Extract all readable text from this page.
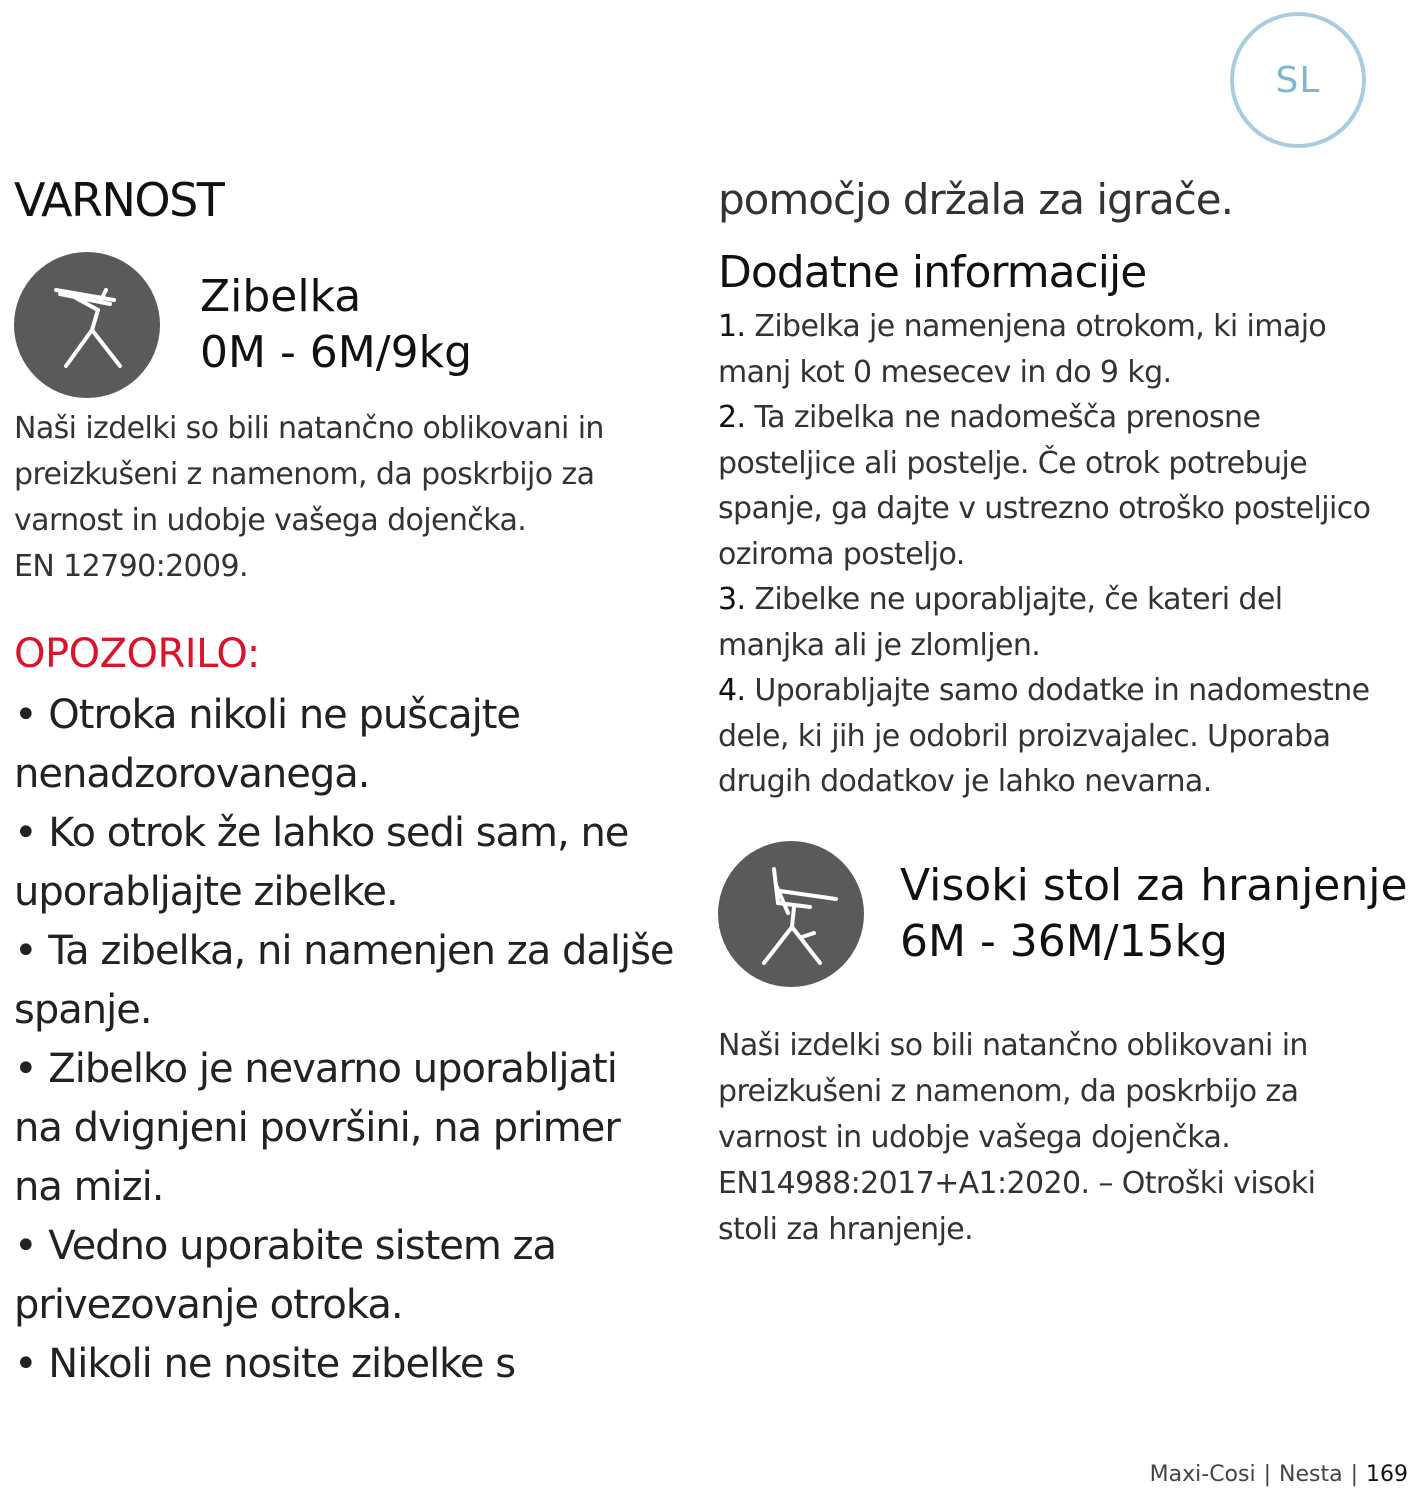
SL
VARNOST
Zibelka
0M - 6M/9kg

Naši izdelki so bili natančno oblikovani in

preizkušeni z namenom, da poskrbijo za

varnost in udobje vašega dojenčka.

EN 12790:2009.

OPOZORILO:
• Otroka nikoli ne pušcajte
nenadzorovanega.
• Ko otrok že lahko sedi sam, ne
uporabljajte zibelke.
• Ta zibelka, ni namenjen za daljše
spanje.
• Zibelko je nevarno uporabljati
na dvignjeni površini, na primer
na mizi.
• Vedno uporabite sistem za
privezovanje otroka.
• Nikoli ne nosite zibelke s

pomočjo držala za igrače.

Dodatne informacije
1. Zibelka je namenjena otrokom, ki imajo
manj kot 0 mesecev in do 9 kg.
2. Ta zibelka ne nadomešča prenosne
posteljice ali postelje. Če otrok potrebuje
spanje, ga dajte v ustrezno otroško posteljico
oziroma posteljo.
3. Zibelke ne uporabljajte, če kateri del
manjka ali je zlomljen.
4. Uporabljajte samo dodatke in nadomestne
dele, ki jih je odobril proizvajalec. Uporaba
drugih dodatkov je lahko nevarna.
Visoki stol za hranjenje
6M - 36M/15kg

Naši izdelki so bili natančno oblikovani in

preizkušeni z namenom, da poskrbijo za

varnost in udobje vašega dojenčka.

EN14988:2017+A1:2020. – Otroški visoki

stoli za hranjenje.

Maxi-Cosi | Nesta | 169
